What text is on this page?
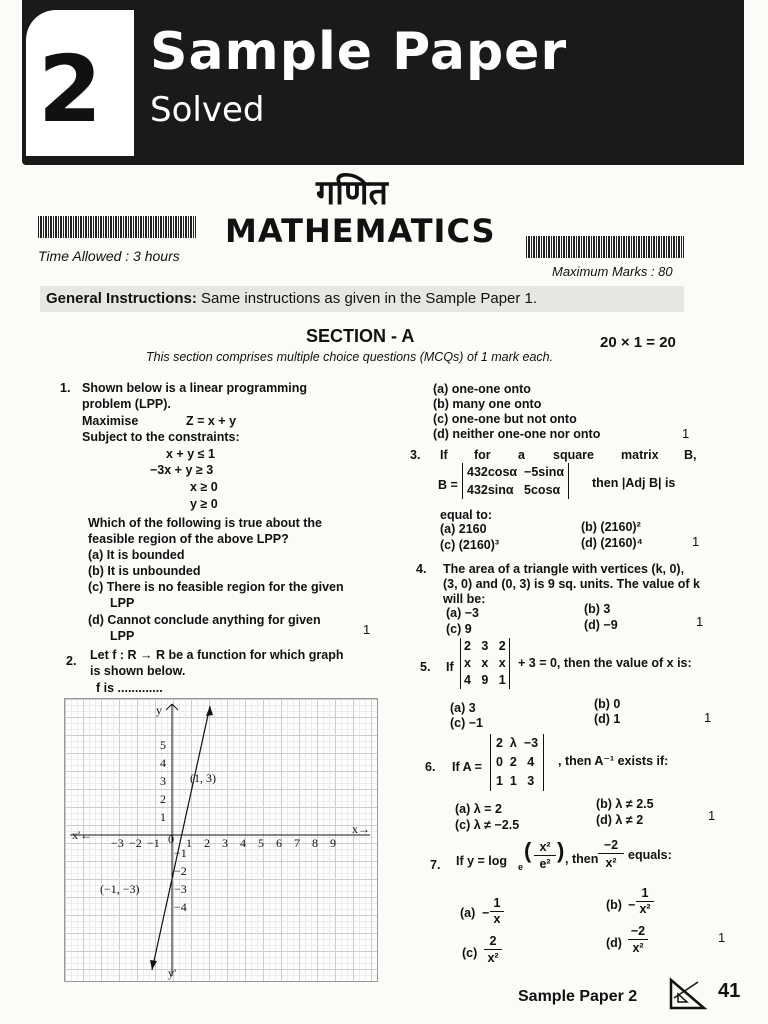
2 Sample Paper
Solved
गणित
MATHEMATICS
Time Allowed : 3 hours
Maximum Marks : 80
General Instructions: Same instructions as given in the Sample Paper 1.
SECTION - A	20 × 1 = 20
This section comprises multiple choice questions (MCQs) of 1 mark each.
1. Shown below is a linear programming
problem (LPP).
Maximise	Z = x + y
Subject to the constraints:
x + y ≤ 1
−3x + y ≥ 3
x ≥ 0
y ≥ 0
Which of the following is true about the
feasible region of the above LPP?
(a) It is bounded
(b) It is unbounded
(c) There is no feasible region for the given
LPP
(d) Cannot conclude anything for given
LPP	1
2. Let f : R → R be a function for which graph
is shown below.
f is .............
y
y'
x→
x'←	0 1 2 3 4 5 6 7 8 9
−3 −2 −1
1
2
3
4
5
−1
−2
−3
−4
(1, 3)
(−1, −3)
(a) one-one onto
(b) many one onto
(c) one-one but not onto
(d) neither one-one nor onto	1
3. If for a square matrix B,
B =
432cosα −5sinα
432sinα 5cosα	then |Adj B| is
equal to:
(a) 2160	(b) (2160)²
(c) (2160)³	(d) (2160)⁴	1
4. The area of a triangle with vertices (k, 0),
(3, 0) and (0, 3) is 9 sq. units. The value of k
will be:
(a) −3	(b) 3
(c) 9	(d) −9	1
5. If
2 3 2
x x x
4 9 1
+ 3 = 0, then the value of x is:
(a) 3	(b) 0
(c) −1	(d) 1	1
6. If A =
2 λ −3
0 2 4
1 1 3
, then A⁻¹ exists if:
(a) λ = 2	(b) λ ≠ 2.5
(c) λ ≠ −2.5	(d) λ ≠ 2	1
7. If y = log e
( x²
e²
) , then
−2
x²
equals:
(a) −
1
x
(b) −
1
x²
(c)
2
x²
(d)
−2
x²
1
Sample Paper 2	41
